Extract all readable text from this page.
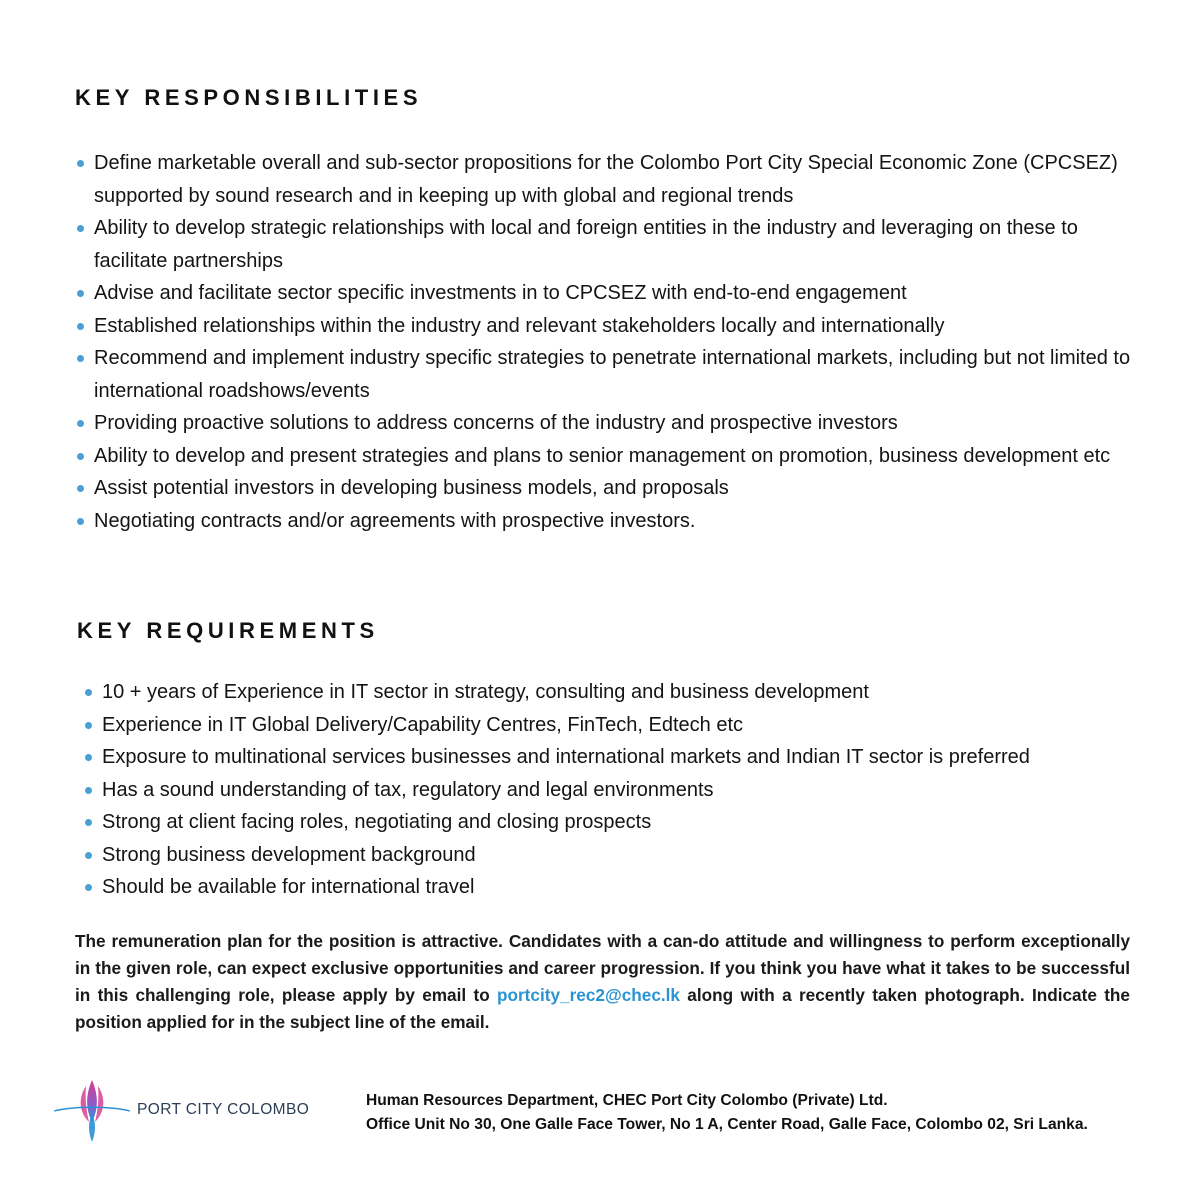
KEY RESPONSIBILITIES
Define marketable overall and sub-sector propositions for the Colombo Port City Special Economic Zone (CPCSEZ) supported by sound research and in keeping up with global and regional trends
Ability to develop strategic relationships with local and foreign entities in the industry and leveraging on these to facilitate partnerships
Advise and facilitate sector specific investments in to CPCSEZ with end-to-end engagement
Established relationships within the industry and relevant stakeholders locally and internationally
Recommend and implement industry specific strategies to penetrate international markets, including but not limited to international roadshows/events
Providing proactive solutions to address concerns of the industry and prospective investors
Ability to develop and present strategies and plans to senior management on promotion, business development etc
Assist potential investors in developing business models, and proposals
Negotiating contracts and/or agreements with prospective investors.
KEY REQUIREMENTS
10 + years of Experience in IT sector in strategy, consulting and business development
Experience in IT Global Delivery/Capability Centres, FinTech, Edtech etc
Exposure to multinational services businesses and international markets and Indian IT sector is preferred
Has a sound understanding of tax, regulatory and legal environments
Strong at client facing roles, negotiating and closing prospects
Strong business development background
Should be available for international travel

The remuneration plan for the position is attractive. Candidates with a can-do attitude and willingness to perform exceptionally in the given role, can expect exclusive opportunities and career progression. If you think you have what it takes to be successful in this challenging role, please apply by email to portcity_rec2@chec.lk along with a recently taken photograph. Indicate the position applied for in the subject line of the email.

PORT CITY COLOMBO
Human Resources Department, CHEC Port City Colombo (Private) Ltd.
Office Unit No 30, One Galle Face Tower, No 1 A, Center Road, Galle Face, Colombo 02, Sri Lanka.
